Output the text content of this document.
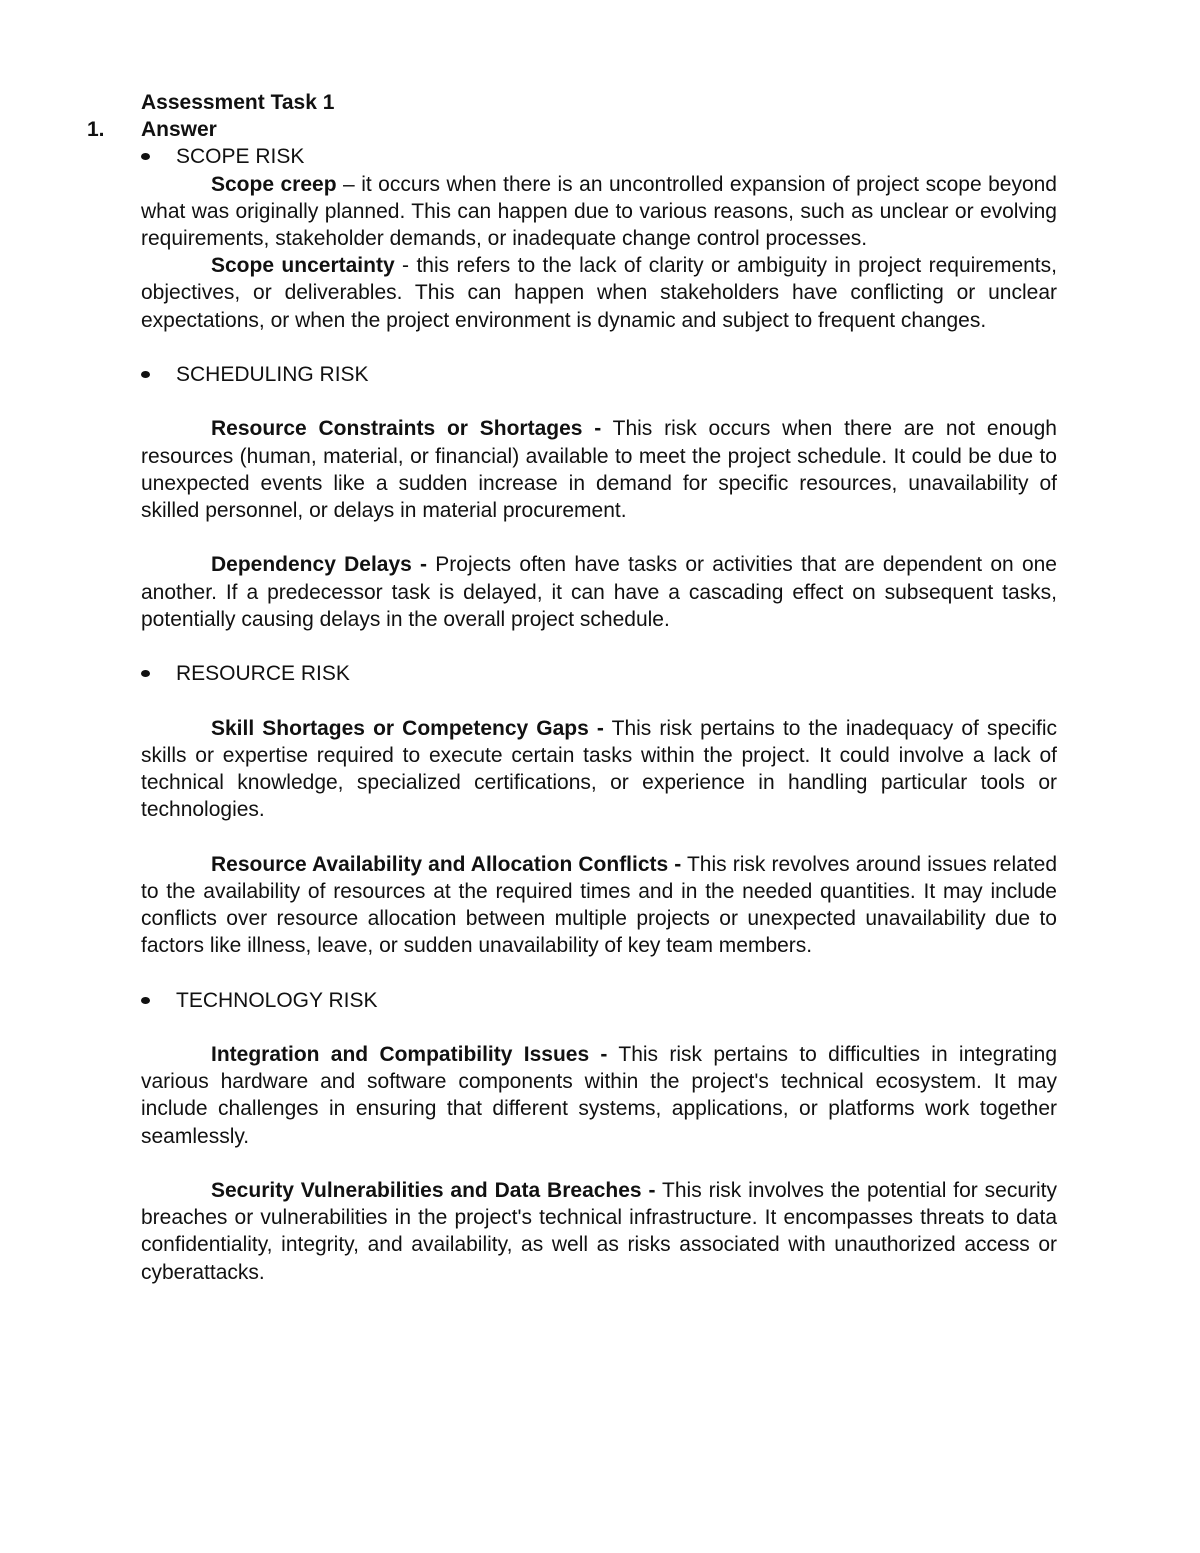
Assessment Task 1

1. Answer

SCOPE RISK

Scope creep – it occurs when there is an uncontrolled expansion of project scope beyond what was originally planned. This can happen due to various reasons, such as unclear or evolving requirements, stakeholder demands, or inadequate change control processes.

Scope uncertainty - this refers to the lack of clarity or ambiguity in project requirements, objectives, or deliverables. This can happen when stakeholders have conflicting or unclear expectations, or when the project environment is dynamic and subject to frequent changes.

SCHEDULING RISK

Resource Constraints or Shortages - This risk occurs when there are not enough resources (human, material, or financial) available to meet the project schedule. It could be due to unexpected events like a sudden increase in demand for specific resources, unavailability of skilled personnel, or delays in material procurement.

Dependency Delays - Projects often have tasks or activities that are dependent on one another. If a predecessor task is delayed, it can have a cascading effect on subsequent tasks, potentially causing delays in the overall project schedule.

RESOURCE RISK

Skill Shortages or Competency Gaps - This risk pertains to the inadequacy of specific skills or expertise required to execute certain tasks within the project. It could involve a lack of technical knowledge, specialized certifications, or experience in handling particular tools or technologies.

Resource Availability and Allocation Conflicts - This risk revolves around issues related to the availability of resources at the required times and in the needed quantities. It may include conflicts over resource allocation between multiple projects or unexpected unavailability due to factors like illness, leave, or sudden unavailability of key team members.

TECHNOLOGY RISK

Integration and Compatibility Issues - This risk pertains to difficulties in integrating various hardware and software components within the project's technical ecosystem. It may include challenges in ensuring that different systems, applications, or platforms work together seamlessly.

Security Vulnerabilities and Data Breaches - This risk involves the potential for security breaches or vulnerabilities in the project's technical infrastructure. It encompasses threats to data confidentiality, integrity, and availability, as well as risks associated with unauthorized access or cyberattacks.
